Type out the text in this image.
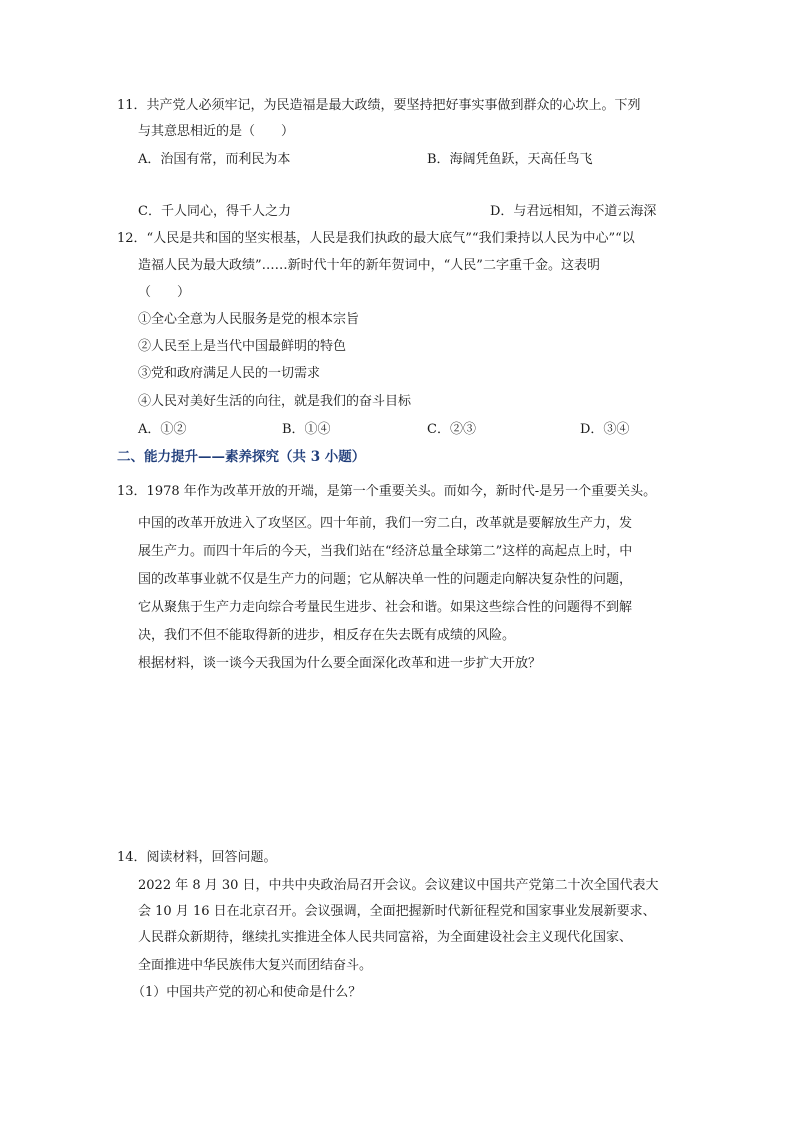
11．共产党人必须牢记，为民造福是最大政绩，要坚持把好事实事做到群众的心坎上。下列
与其意思相近的是（　　）
A．治国有常，而利民为本	B．海阔凭鱼跃，天高任鸟飞
C．千人同心，得千人之力	D．与君远相知，不道云海深
12．“人民是共和国的坚实根基，人民是我们执政的最大底气”“我们秉持以人民为中心”“以
造福人民为最大政绩”……新时代十年的新年贺词中，“人民”二字重千金。这表明
（　　）
①全心全意为人民服务是党的根本宗旨
②人民至上是当代中国最鲜明的特色
③党和政府满足人民的一切需求
④人民对美好生活的向往，就是我们的奋斗目标
A．①②	B．①④	C．②③	D．③④
二、能力提升——素养探究（共 3 小题）
13．1978 年作为改革开放的开端，是第一个重要关头。而如今，新时代-是另一个重要关头。
中国的改革开放进入了攻坚区。四十年前，我们一穷二白，改革就是要解放生产力，发
展生产力。而四十年后的今天，当我们站在“经济总量全球第二”这样的高起点上时，中
国的改革事业就不仅是生产力的问题；它从解决单一性的问题走向解决复杂性的问题，
它从聚焦于生产力走向综合考量民生进步、社会和谐。如果这些综合性的问题得不到解
决，我们不但不能取得新的进步，相反存在失去既有成绩的风险。
根据材料，谈一谈今天我国为什么要全面深化改革和进一步扩大开放？
14．阅读材料，回答问题。
2022 年 8 月 30 日，中共中央政治局召开会议。会议建议中国共产党第二十次全国代表大
会 10 月 16 日在北京召开。会议强调，全面把握新时代新征程党和国家事业发展新要求、
人民群众新期待，继续扎实推进全体人民共同富裕，为全面建设社会主义现代化国家、
全面推进中华民族伟大复兴而团结奋斗。
（1）中国共产党的初心和使命是什么？
